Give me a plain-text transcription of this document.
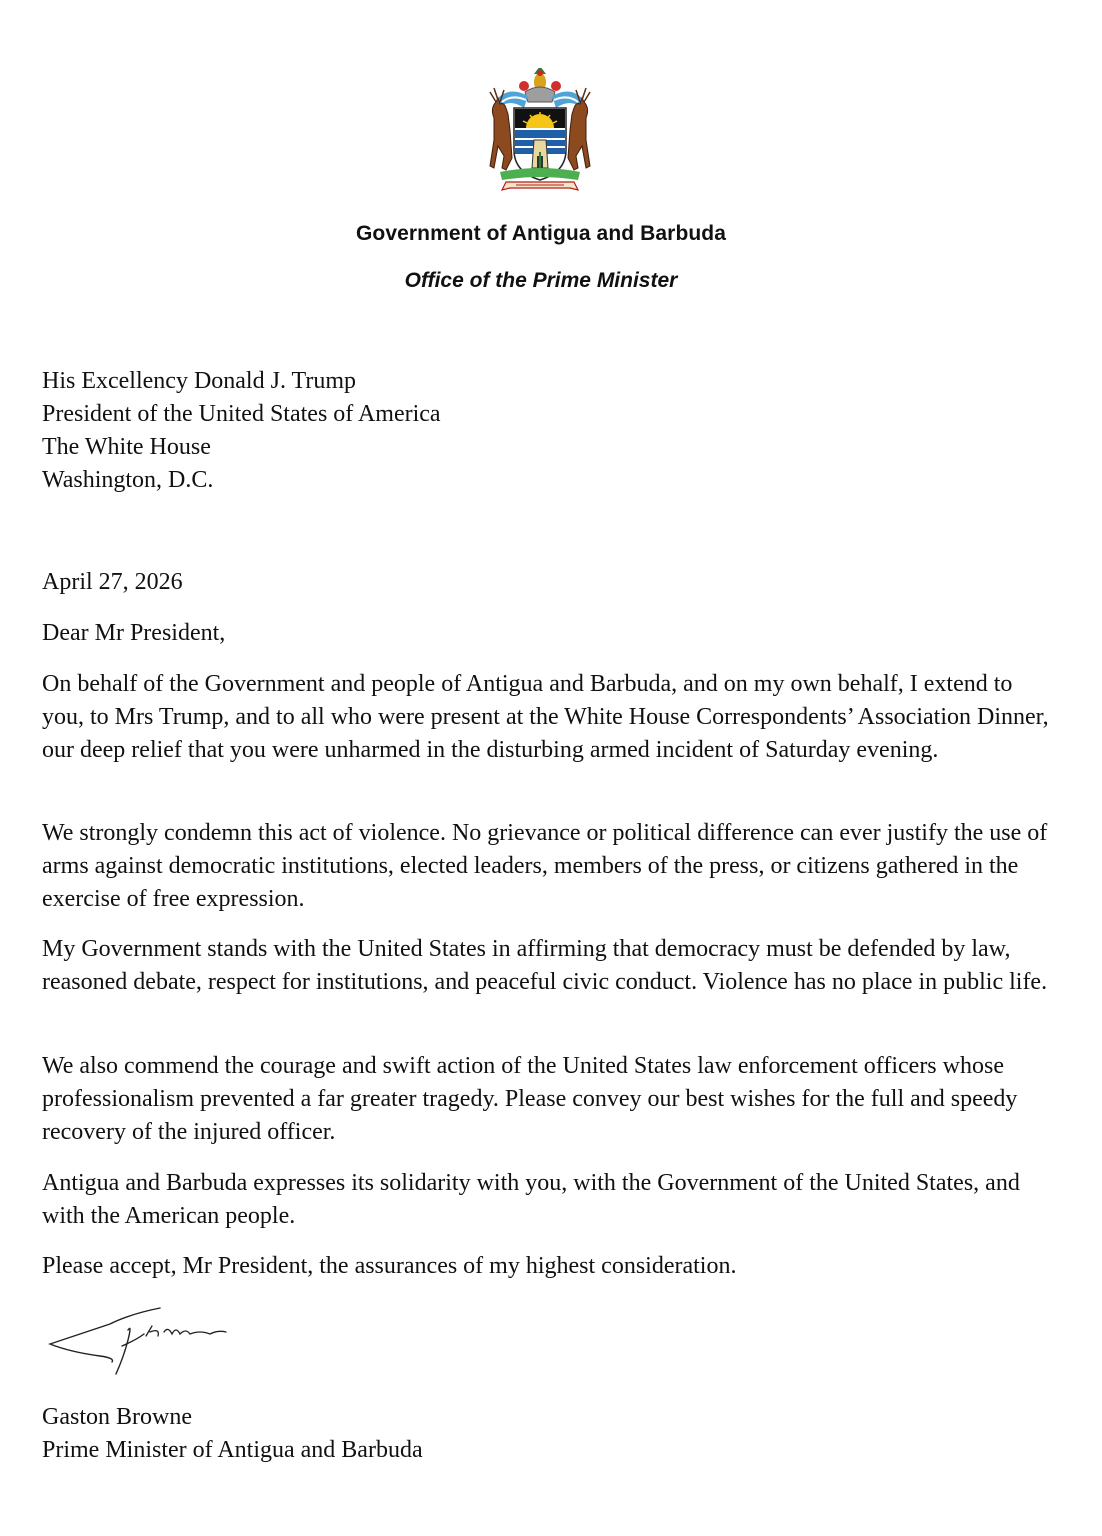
Government of Antigua and Barbuda
Office of the Prime Minister
His Excellency Donald J. Trump
President of the United States of America
The White House
Washington, D.C.
April 27, 2026
Dear Mr President,

On behalf of the Government and people of Antigua and Barbuda, and on my own behalf, I extend to you, to Mrs Trump, and to all who were present at the White House Correspondents’ Association Dinner, our deep relief that you were unharmed in the disturbing armed incident of Saturday evening.

We strongly condemn this act of violence. No grievance or political difference can ever justify the use of arms against democratic institutions, elected leaders, members of the press, or citizens gathered in the exercise of free expression.

My Government stands with the United States in affirming that democracy must be defended by law, reasoned debate, respect for institutions, and peaceful civic conduct. Violence has no place in public life.

We also commend the courage and swift action of the United States law enforcement officers whose professionalism prevented a far greater tragedy. Please convey our best wishes for the full and speedy recovery of the injured officer.

Antigua and Barbuda expresses its solidarity with you, with the Government of the United States, and with the American people.

Please accept, Mr President, the assurances of my highest consideration.

Gaston Browne
Prime Minister of Antigua and Barbuda
